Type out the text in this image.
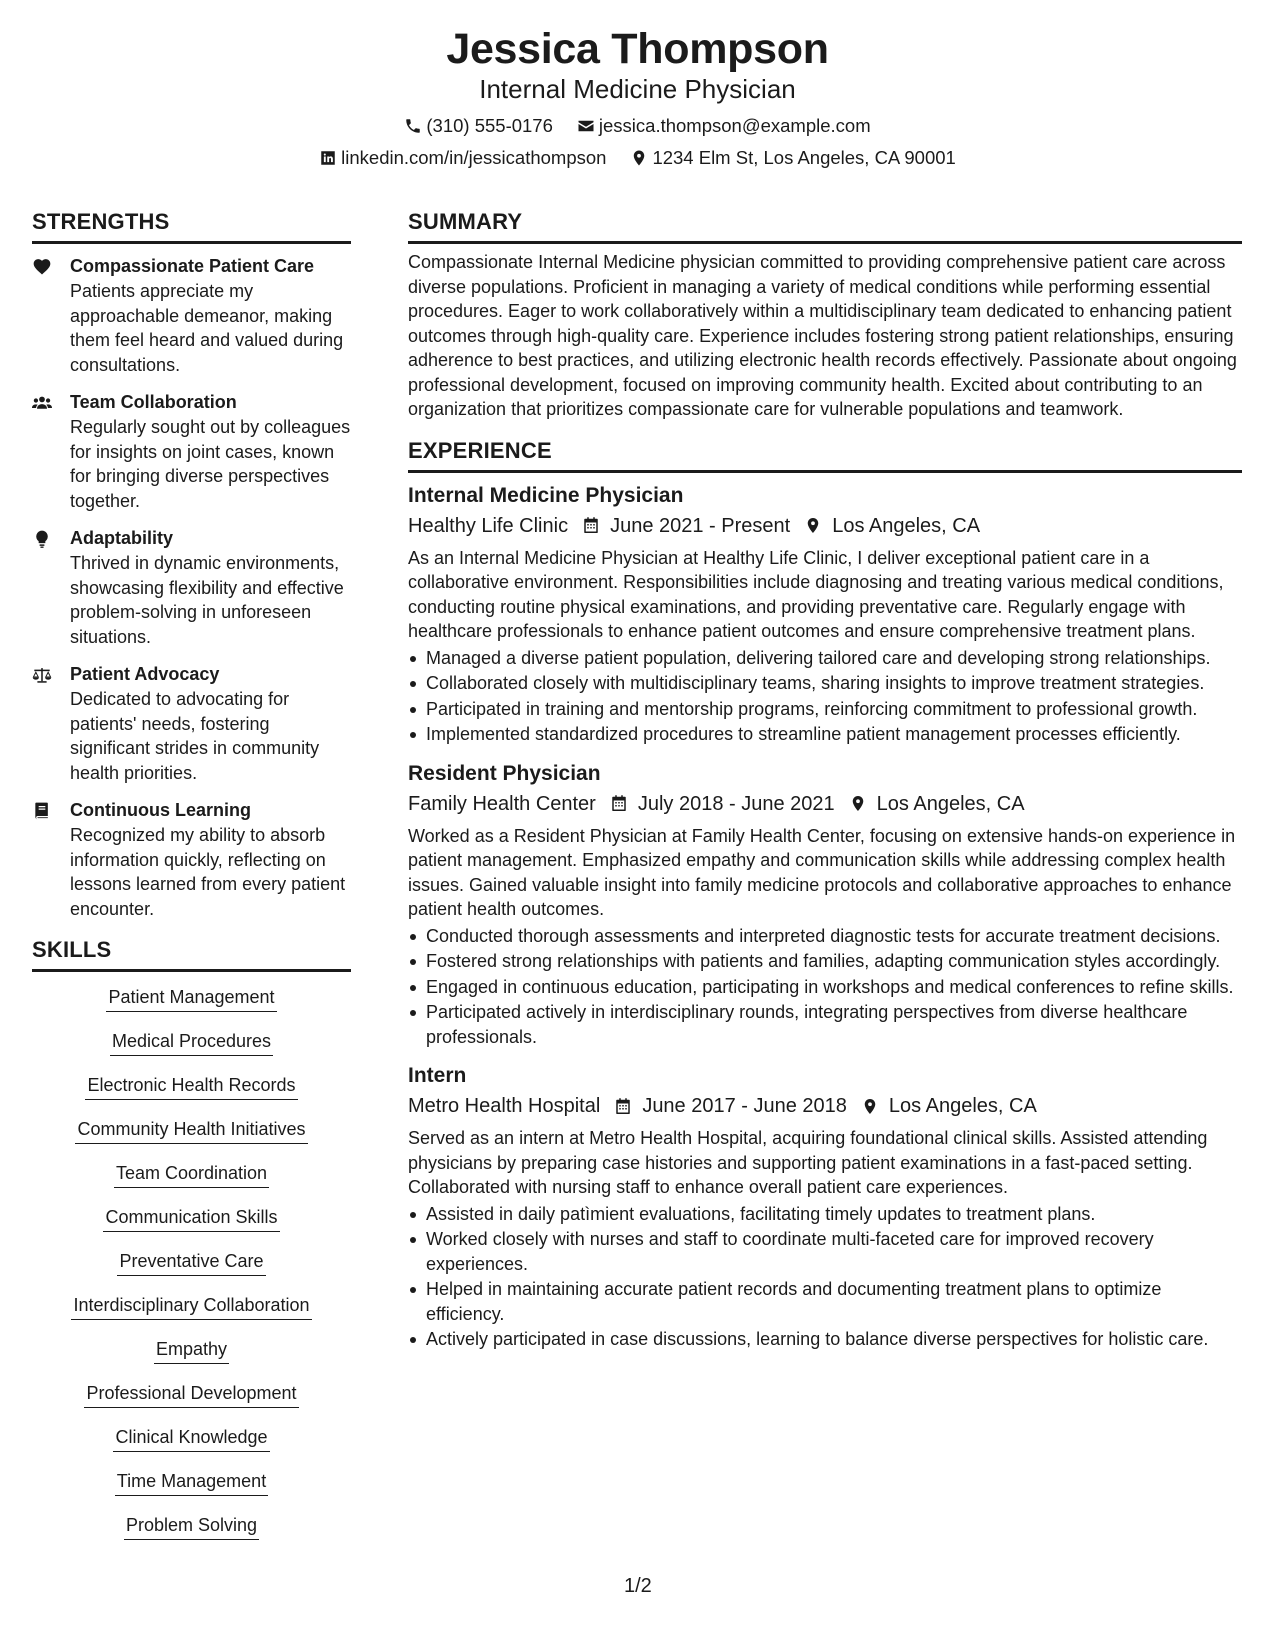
Jessica Thompson
Internal Medicine Physician
(310) 555-0176 jessica.thompson@example.com
linkedin.com/in/jessicathompson 1234 Elm St, Los Angeles, CA 90001
STRENGTHS
Compassionate Patient Care
Patients appreciate my approachable demeanor, making them feel heard and valued during consultations.
Team Collaboration
Regularly sought out by colleagues for insights on joint cases, known for bringing diverse perspectives together.
Adaptability
Thrived in dynamic environments, showcasing flexibility and effective problem-solving in unforeseen situations.
Patient Advocacy
Dedicated to advocating for patients' needs, fostering significant strides in community health priorities.
Continuous Learning
Recognized my ability to absorb information quickly, reflecting on lessons learned from every patient encounter.
SKILLS
Patient Management
Medical Procedures
Electronic Health Records
Community Health Initiatives
Team Coordination
Communication Skills
Preventative Care
Interdisciplinary Collaboration
Empathy
Professional Development
Clinical Knowledge
Time Management
Problem Solving
SUMMARY
Compassionate Internal Medicine physician committed to providing comprehensive patient care across diverse populations. Proficient in managing a variety of medical conditions while performing essential procedures. Eager to work collaboratively within a multidisciplinary team dedicated to enhancing patient outcomes through high-quality care. Experience includes fostering strong patient relationships, ensuring adherence to best practices, and utilizing electronic health records effectively. Passionate about ongoing professional development, focused on improving community health. Excited about contributing to an organization that prioritizes compassionate care for vulnerable populations and teamwork.
EXPERIENCE
Internal Medicine Physician
Healthy Life Clinic June 2021 - Present Los Angeles, CA
As an Internal Medicine Physician at Healthy Life Clinic, I deliver exceptional patient care in a collaborative environment. Responsibilities include diagnosing and treating various medical conditions, conducting routine physical examinations, and providing preventative care. Regularly engage with healthcare professionals to enhance patient outcomes and ensure comprehensive treatment plans.
Managed a diverse patient population, delivering tailored care and developing strong relationships.
Collaborated closely with multidisciplinary teams, sharing insights to improve treatment strategies.
Participated in training and mentorship programs, reinforcing commitment to professional growth.
Implemented standardized procedures to streamline patient management processes efficiently.
Resident Physician
Family Health Center July 2018 - June 2021 Los Angeles, CA
Worked as a Resident Physician at Family Health Center, focusing on extensive hands-on experience in patient management. Emphasized empathy and communication skills while addressing complex health issues. Gained valuable insight into family medicine protocols and collaborative approaches to enhance patient health outcomes.
Conducted thorough assessments and interpreted diagnostic tests for accurate treatment decisions.
Fostered strong relationships with patients and families, adapting communication styles accordingly.
Engaged in continuous education, participating in workshops and medical conferences to refine skills.
Participated actively in interdisciplinary rounds, integrating perspectives from diverse healthcare professionals.
Intern
Metro Health Hospital June 2017 - June 2018 Los Angeles, CA
Served as an intern at Metro Health Hospital, acquiring foundational clinical skills. Assisted attending physicians by preparing case histories and supporting patient examinations in a fast-paced setting. Collaborated with nursing staff to enhance overall patient care experiences.
Assisted in daily patìmient evaluations, facilitating timely updates to treatment plans.
Worked closely with nurses and staff to coordinate multi-faceted care for improved recovery experiences.
Helped in maintaining accurate patient records and documenting treatment plans to optimize efficiency.
Actively participated in case discussions, learning to balance diverse perspectives for holistic care.
1/2
